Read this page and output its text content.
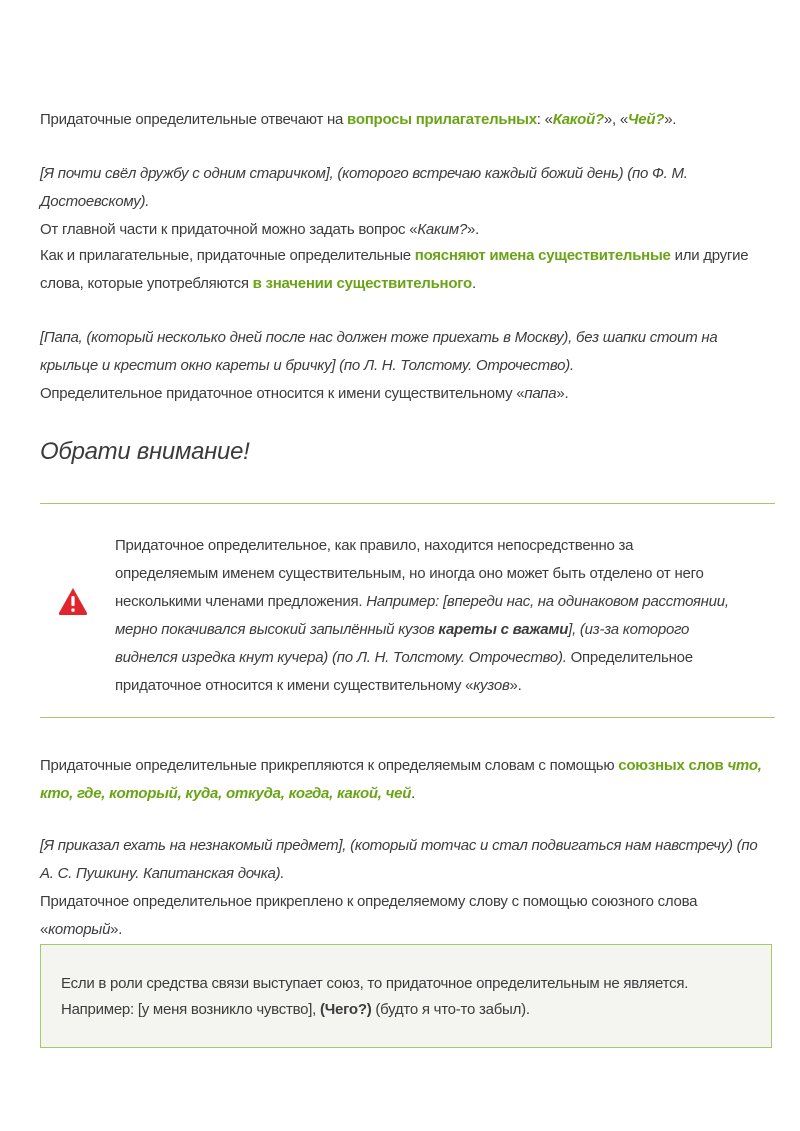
Придаточные определительные отвечают на вопросы прилагательных: «Какой?», «Чей?».

[Я почти свёл дружбу с одним старичком], (которого встречаю каждый божий день) (по Ф. М. Достоевскому).

От главной части к придаточной можно задать вопрос «Каким?».

Как и прилагательные, придаточные определительные поясняют имена существительные или другие слова, которые употребляются в значении существительного.

[Папа, (который несколько дней после нас должен тоже приехать в Москву), без шапки стоит на крыльце и крестит окно кареты и бричку] (по Л. Н. Толстому. Отрочество).

Определительное придаточное относится к имени существительному «папа».

Обрати внимание!

Придаточное определительное, как правило, находится непосредственно за определяемым именем существительным, но иногда оно может быть отделено от него несколькими членами предложения. Например: [впереди нас, на одинаковом расстоянии, мерно покачивался высокий запылённый кузов кареты с важами], (из-за которого виднелся изредка кнут кучера) (по Л. Н. Толстому. Отрочество). Определительное придаточное относится к имени существительному «кузов».

Придаточные определительные прикрепляются к определяемым словам с помощью союзных слов что, кто, где, который, куда, откуда, когда, какой, чей.

[Я приказал ехать на незнакомый предмет], (который тотчас и стал подвигаться нам навстречу) (по А. С. Пушкину. Капитанская дочка).

Придаточное определительное прикреплено к определяемому слову с помощью союзного слова «который».

Если в роли средства связи выступает союз, то придаточное определительным не является. Например: [у меня возникло чувство], (Чего?) (будто я что-то забыл).
